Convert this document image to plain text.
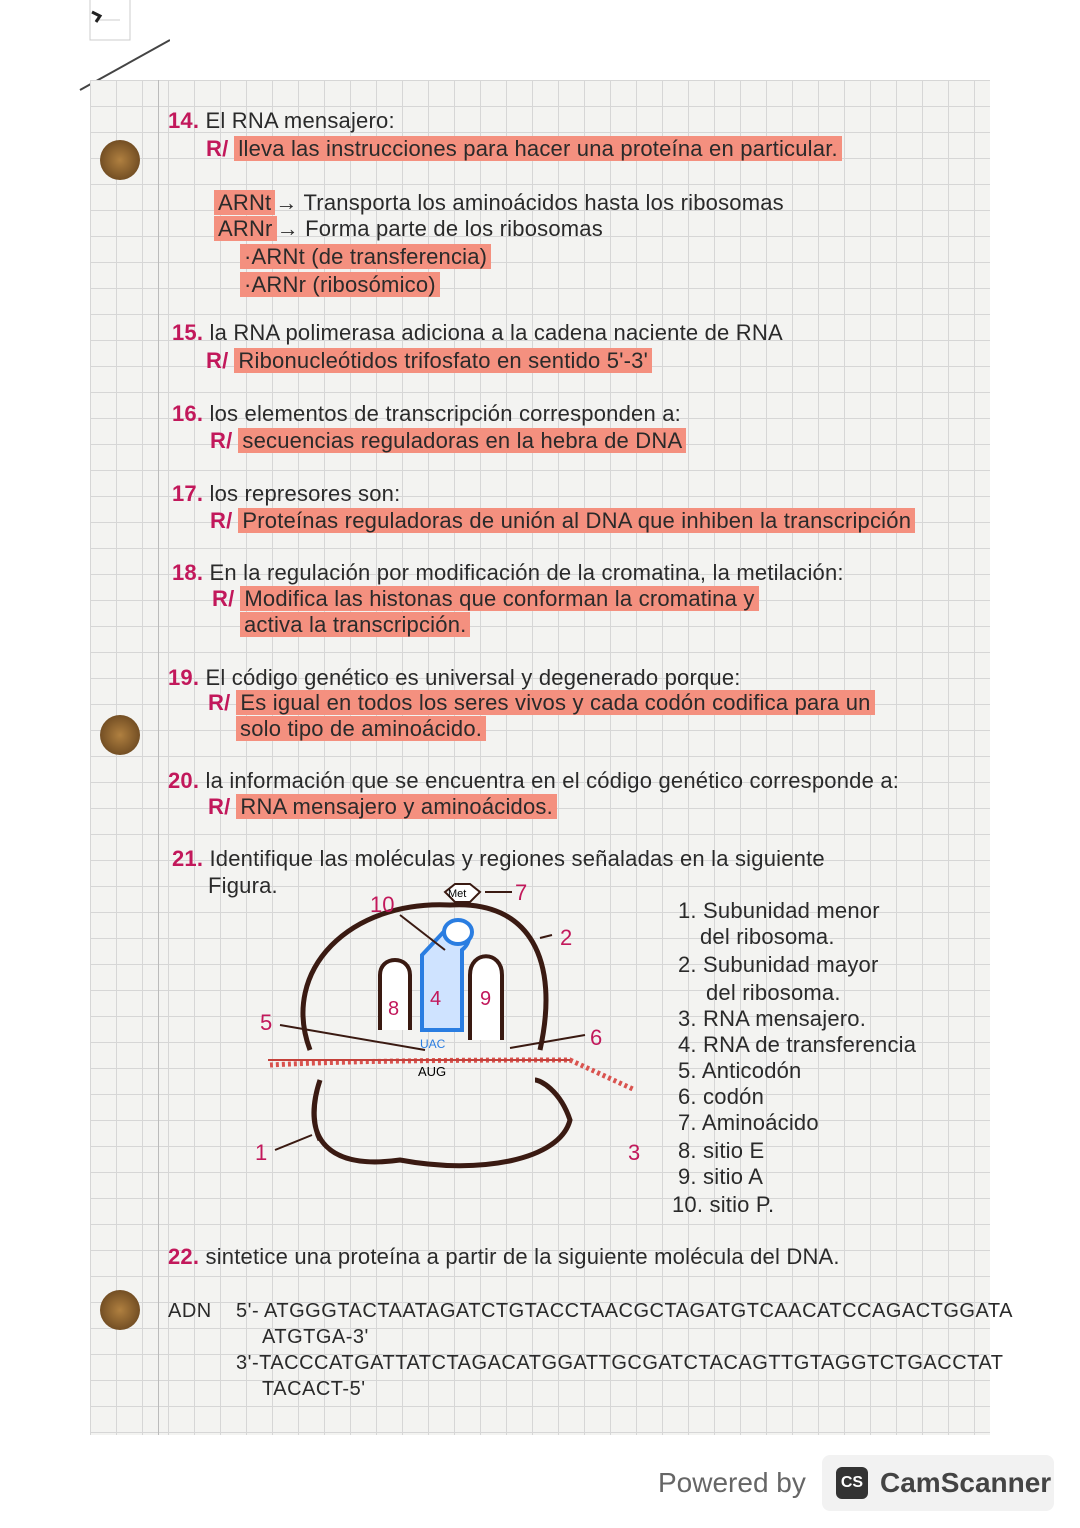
14. El RNA mensajero:
R/ lleva las instrucciones para hacer una proteína en particular.
ARNt → Transporta los aminoácidos hasta los ribosomas
ARNr → Forma parte de los ribosomas
·ARNt (de transferencia)
·ARNr (ribosómico)
15. la RNA polimerasa adiciona a la cadena naciente de RNA
R/ Ribonucleótidos trifosfato en sentido 5'-3'
16. los elementos de transcripción corresponden a:
R/ secuencias reguladoras en la hebra de DNA
17. los represores son:
R/ Proteínas reguladoras de unión al DNA que inhiben la transcripción
18. En la regulación por modificación de la cromatina, la metilación:
R/ Modifica las histonas que conforman la cromatina y
activa la transcripción.
19. El código genético es universal y degenerado porque:
R/ Es igual en todos los seres vivos y cada codón codifica para un
solo tipo de aminoácido.
20. la información que se encuentra en el código genético corresponde a:
R/ RNA mensajero y aminoácidos.
21. Identifique las moléculas y regiones señaladas en la siguiente
Figura.	Met
UAC
AUG
8 4 9
5
1
2
3
6
7
10	1. Subunidad menor
del ribosoma.
2. Subunidad mayor
del ribosoma.
3. RNA mensajero.
4. RNA de transferencia
5. Anticodón
6. codón
7. Aminoácido
8. sitio E
9. sitio A
10. sitio P.
22. sintetice una proteína a partir de la siguiente molécula del DNA.
ADN 5'- ATGGGTACTAATAGATCTGTACCTAACGCTAGATGTCAACATCCAGACTGGATA
ATGTGA-3'
3'-TACCCATGATTATCTAGACATGGATTGCGATCTACAGTTGTAGGTCTGACCTAT
TACACT-5'
Powered by	CS CamScanner
